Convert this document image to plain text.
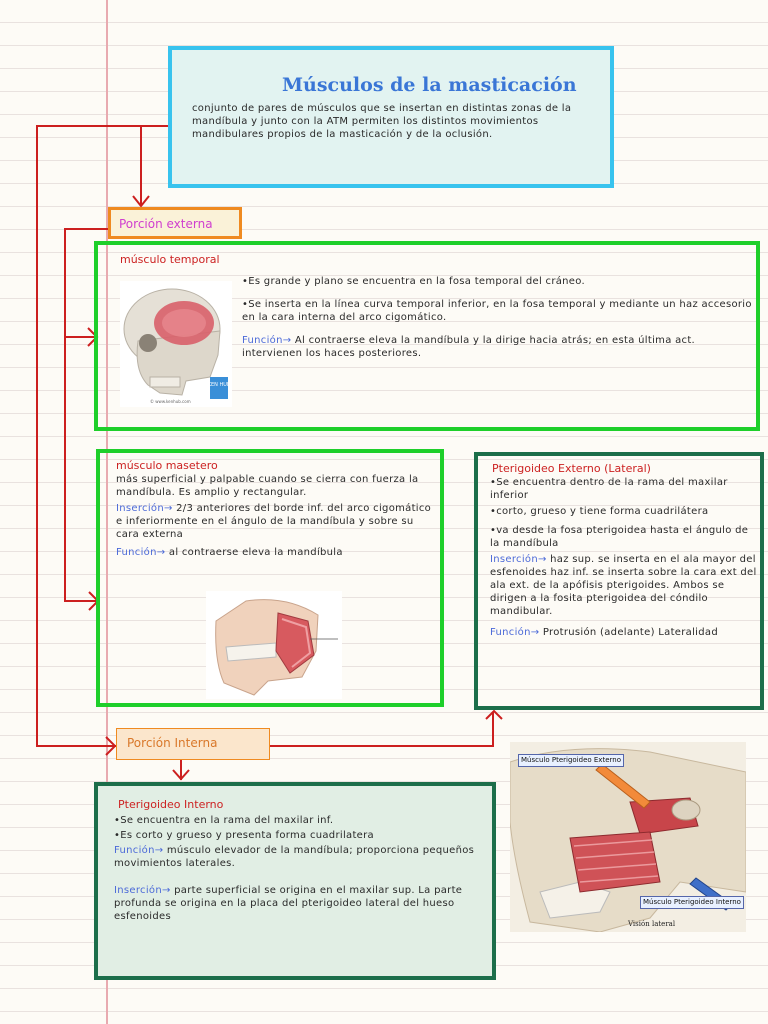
Músculos de la masticación
conjunto de pares de músculos que se insertan en distintas zonas de la mandíbula y junto con la ATM permiten los distintos movimientos mandibulares propios de la masticación y de la oclusión.
Porción externa
músculo temporal
KEN HUB
© www.kenhub.com

•Es grande y plano se encuentra en la fosa temporal del cráneo.

•Se inserta en la línea curva temporal inferior, en la fosa temporal y mediante un haz accesorio en la cara interna del arco cigomático.

Función→ Al contraerse eleva la mandíbula y la dirige hacia atrás; en esta última act. intervienen los haces posteriores.

músculo masetero
más superficial y palpable cuando se cierra con fuerza la mandíbula. Es amplio y rectangular.
Inserción→ 2/3 anteriores del borde inf. del arco cigomático e inferiormente en el ángulo de la mandíbula y sobre su cara externa
Función→ al contraerse eleva la mandíbula
Pterigoideo Externo (Lateral)
•Se encuentra dentro de la rama del maxilar inferior
•corto, grueso y tiene forma cuadrilátera
•va desde la fosa pterigoidea hasta el ángulo de la mandíbula
Inserción→ haz sup. se inserta en el ala mayor del esfenoides haz inf. se inserta sobre la cara ext del ala ext. de la apófisis pterigoides. Ambos se dirigen a la fosita pterigoidea del cóndilo mandibular.
Función→ Protrusión (adelante) Lateralidad
Porción Interna
Pterigoideo Interno
•Se encuentra en la rama del maxilar inf.
•Es corto y grueso y presenta forma cuadrilatera
Función→ músculo elevador de la mandíbula; proporciona pequeños movimientos laterales.
Inserción→ parte superficial se origina en el maxilar sup. La parte profunda se origina en la placa del pterigoideo lateral del hueso esfenoides
Músculo Pterigoideo Externo
Músculo Pterigoideo Interno
Visión lateral
